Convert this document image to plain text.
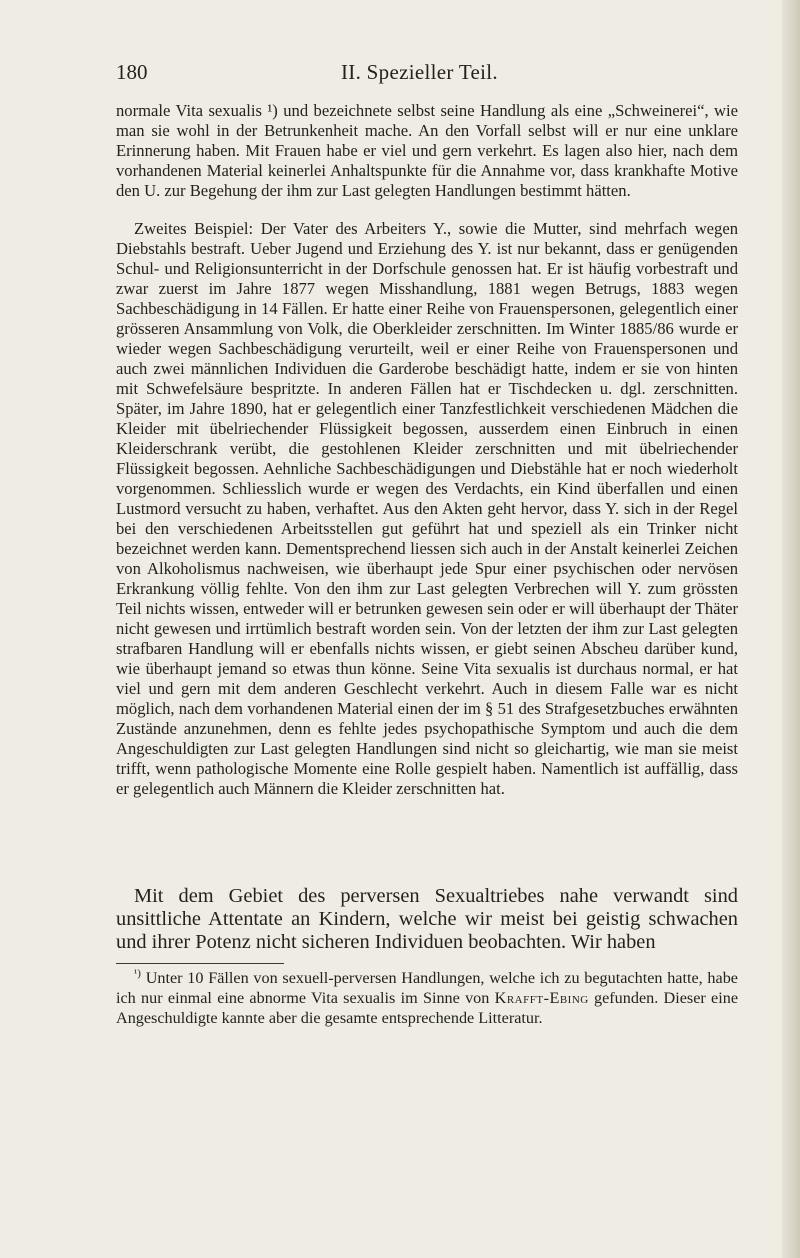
180	II. Spezieller Teil.

normale Vita sexualis ¹) und bezeichnete selbst seine Handlung als eine „Schweinerei“, wie man sie wohl in der Betrunkenheit mache. An den Vorfall selbst will er nur eine unklare Erinnerung haben. Mit Frauen habe er viel und gern verkehrt. Es lagen also hier, nach dem vorhandenen Material keinerlei Anhaltspunkte für die Annahme vor, dass krankhafte Motive den U. zur Begehung der ihm zur Last gelegten Handlungen bestimmt hätten.

Zweites Beispiel: Der Vater des Arbeiters Y., sowie die Mutter, sind mehrfach wegen Diebstahls bestraft. Ueber Jugend und Erziehung des Y. ist nur bekannt, dass er genügenden Schul- und Religionsunterricht in der Dorfschule genossen hat. Er ist häufig vorbestraft und zwar zuerst im Jahre 1877 wegen Misshandlung, 1881 wegen Betrugs, 1883 wegen Sachbeschädigung in 14 Fällen. Er hatte einer Reihe von Frauenspersonen, gelegentlich einer grösseren Ansammlung von Volk, die Oberkleider zerschnitten. Im Winter 1885/86 wurde er wieder wegen Sachbeschädigung verurteilt, weil er einer Reihe von Frauenspersonen und auch zwei männlichen Individuen die Garderobe beschädigt hatte, indem er sie von hinten mit Schwefelsäure bespritzte. In anderen Fällen hat er Tischdecken u. dgl. zerschnitten. Später, im Jahre 1890, hat er gelegentlich einer Tanzfestlichkeit verschiedenen Mädchen die Kleider mit übelriechender Flüssigkeit begossen, ausserdem einen Einbruch in einen Kleiderschrank verübt, die gestohlenen Kleider zerschnitten und mit übelriechender Flüssigkeit begossen. Aehnliche Sachbeschädigungen und Diebstähle hat er noch wiederholt vorgenommen. Schliesslich wurde er wegen des Verdachts, ein Kind überfallen und einen Lustmord versucht zu haben, verhaftet. Aus den Akten geht hervor, dass Y. sich in der Regel bei den verschiedenen Arbeitsstellen gut geführt hat und speziell als ein Trinker nicht bezeichnet werden kann. Dementsprechend liessen sich auch in der Anstalt keinerlei Zeichen von Alkoholismus nachweisen, wie überhaupt jede Spur einer psychischen oder nervösen Erkrankung völlig fehlte. Von den ihm zur Last gelegten Verbrechen will Y. zum grössten Teil nichts wissen, entweder will er betrunken gewesen sein oder er will überhaupt der Thäter nicht gewesen und irrtümlich bestraft worden sein. Von der letzten der ihm zur Last gelegten strafbaren Handlung will er ebenfalls nichts wissen, er giebt seinen Abscheu darüber kund, wie überhaupt jemand so etwas thun könne. Seine Vita sexualis ist durchaus normal, er hat viel und gern mit dem anderen Geschlecht verkehrt. Auch in diesem Falle war es nicht möglich, nach dem vorhandenen Material einen der im § 51 des Strafgesetzbuches erwähnten Zustände anzunehmen, denn es fehlte jedes psychopathische Symptom und auch die dem Angeschuldigten zur Last gelegten Handlungen sind nicht so gleichartig, wie man sie meist trifft, wenn pathologische Momente eine Rolle gespielt haben. Namentlich ist auffällig, dass er gelegentlich auch Männern die Kleider zerschnitten hat.

Mit dem Gebiet des perversen Sexualtriebes nahe verwandt sind unsittliche Attentate an Kindern, welche wir meist bei geistig schwachen und ihrer Potenz nicht sicheren Individuen beobachten. Wir haben

$^{^1)}$ Unter 10 Fällen von sexuell-perversen Handlungen, welche ich zu begutachten hatte, habe ich nur einmal eine abnorme Vita sexualis im Sinne von Krafft-Ebing gefunden. Dieser eine Angeschuldigte kannte aber die gesamte entsprechende Litteratur.
